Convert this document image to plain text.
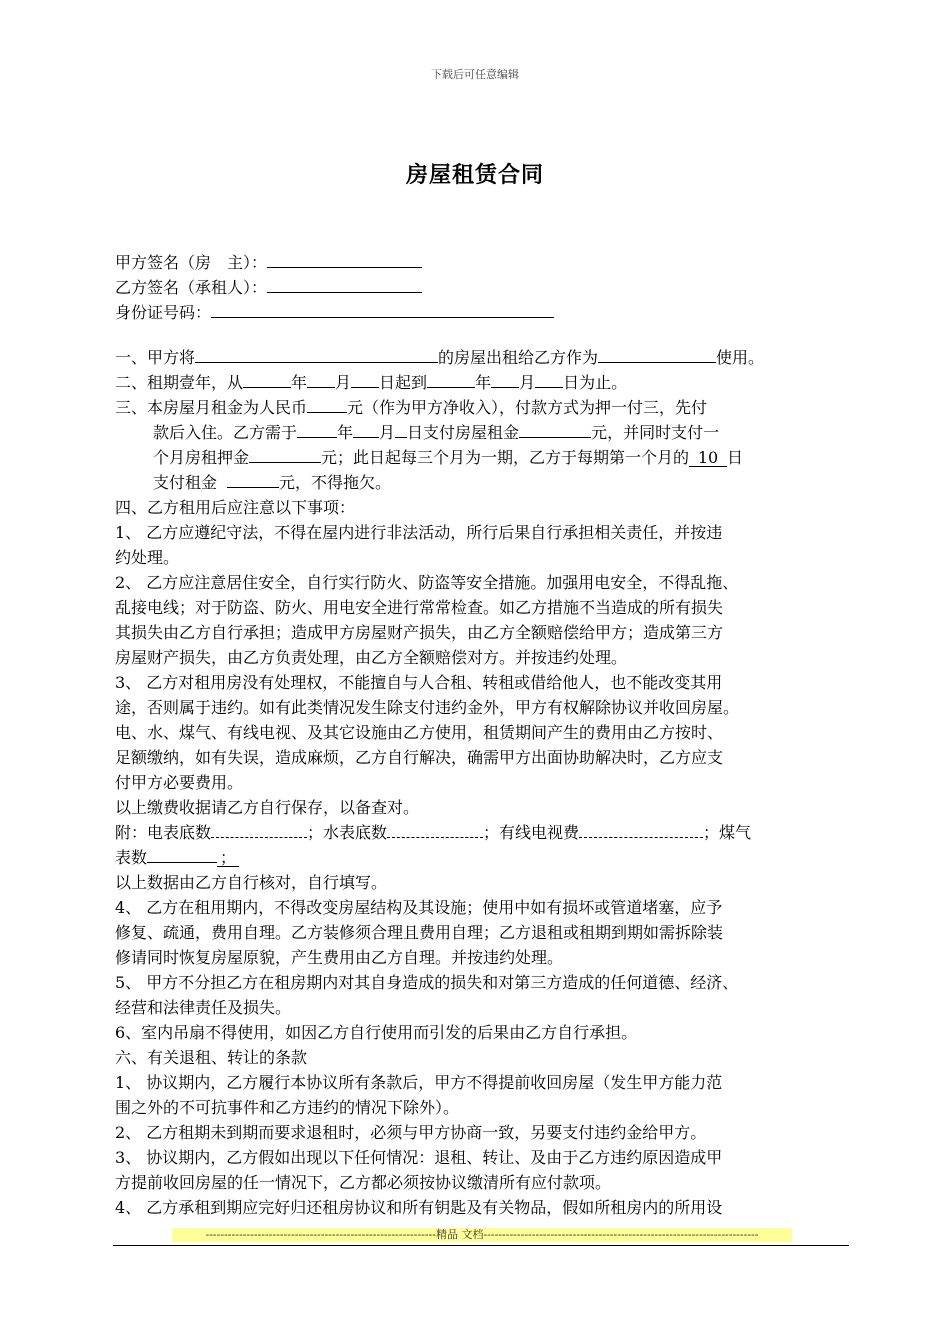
下载后可任意编辑
房屋租赁合同
甲方签名（房　主）：
乙方签名（承租人）：
身份证号码：
一、甲方将	的房屋出租给乙方作为	使用。
二、租期壹年，从	年 月 日起到	年 月 日为止。
三、本房屋月租金为人民币	元（作为甲方净收入），付款方式为押一付三，先付
款后入住。乙方需于	年 月 日支付房屋租金	元，并同时支付一
个月房租押金	元；此日起每三个月为一期，乙方于每期第一个月的 10 日
支付租金	元，不得拖欠。
四、乙方租用后应注意以下事项：
1、 乙方应遵纪守法，不得在屋内进行非法活动，所行后果自行承担相关责任，并按违
约处理。
2、 乙方应注意居住安全，自行实行防火、防盗等安全措施。加强用电安全，不得乱拖、
乱接电线；对于防盗、防火、用电安全进行常常检查。如乙方措施不当造成的所有损失
其损失由乙方自行承担；造成甲方房屋财产损失，由乙方全额赔偿给甲方；造成第三方
房屋财产损失，由乙方负责处理，由乙方全额赔偿对方。并按违约处理。
3、 乙方对租用房没有处理权，不能擅自与人合租、转租或借给他人，也不能改变其用
途，否则属于违约。如有此类情况发生除支付违约金外，甲方有权解除协议并收回房屋。
电、水、煤气、有线电视、及其它设施由乙方使用，租赁期间产生的费用由乙方按时、
足额缴纳，如有失误，造成麻烦，乙方自行解决，确需甲方出面协助解决时，乙方应支
付甲方必要费用。
以上缴费收据请乙方自行保存，以备查对。
附：电表底数	；水表底数	；有线电视费	；煤气
表数	；
以上数据由乙方自行核对，自行填写。
4、 乙方在租用期内，不得改变房屋结构及其设施；使用中如有损坏或管道堵塞，应予
修复、疏通，费用自理。乙方装修须合理且费用自理；乙方退租或租期到期如需拆除装
修请同时恢复房屋原貌，产生费用由乙方自理。并按违约处理。
5、 甲方不分担乙方在租房期内对其自身造成的损失和对第三方造成的任何道德、经济、
经营和法律责任及损失。
6、室内吊扇不得使用，如因乙方自行使用而引发的后果由乙方自行承担。
六、有关退租、转让的条款
1、 协议期内，乙方履行本协议所有条款后，甲方不得提前收回房屋（发生甲方能力范
围之外的不可抗事件和乙方违约的情况下除外）。
2、 乙方租期未到期而要求退租时，必须与甲方协商一致，另要支付违约金给甲方。
3、 协议期内，乙方假如出现以下任何情况：退租、转让、及由于乙方违约原因造成甲
方提前收回房屋的任一情况下，乙方都必须按协议缴清所有应付款项。
4、 乙方承租到期应完好归还租房协议和所有钥匙及有关物品，假如所租房内的所用设
--------------------------------------------------------------精品 文档--------------------------------------------------------------------------
